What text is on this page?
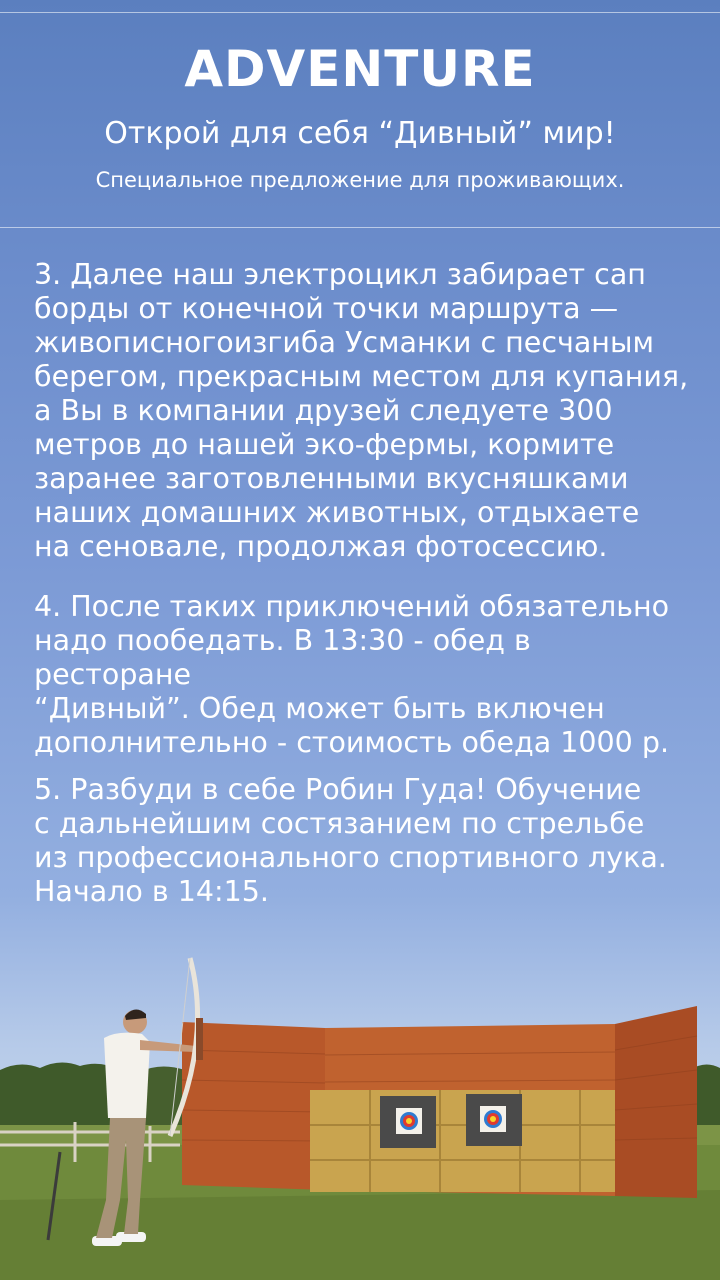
ADVENTURE
Открой для себя “Дивный” мир!
Специальное предложение для проживающих.
3. Далее наш электроцикл забирает сап
борды от конечной точки маршрута —
живописногоизгиба Усманки с песчаным
берегом, прекрасным местом для купания,
а Вы в компании друзей следуете 300
метров до нашей эко-фермы, кормите
заранее заготовленными вкусняшками
наших домашних животных, отдыхаете
на сеновале, продолжая фотосессию.
4. После таких приключений обязательно
надо пообедать. В 13:30 - обед в ресторане
“Дивный”. Обед может быть включен
дополнительно - стоимость обеда 1000 р.
5. Разбуди в себе Робин Гуда! Обучение
с дальнейшим состязанием по стрельбе
из профессионального спортивного лука.
Начало в 14:15.
